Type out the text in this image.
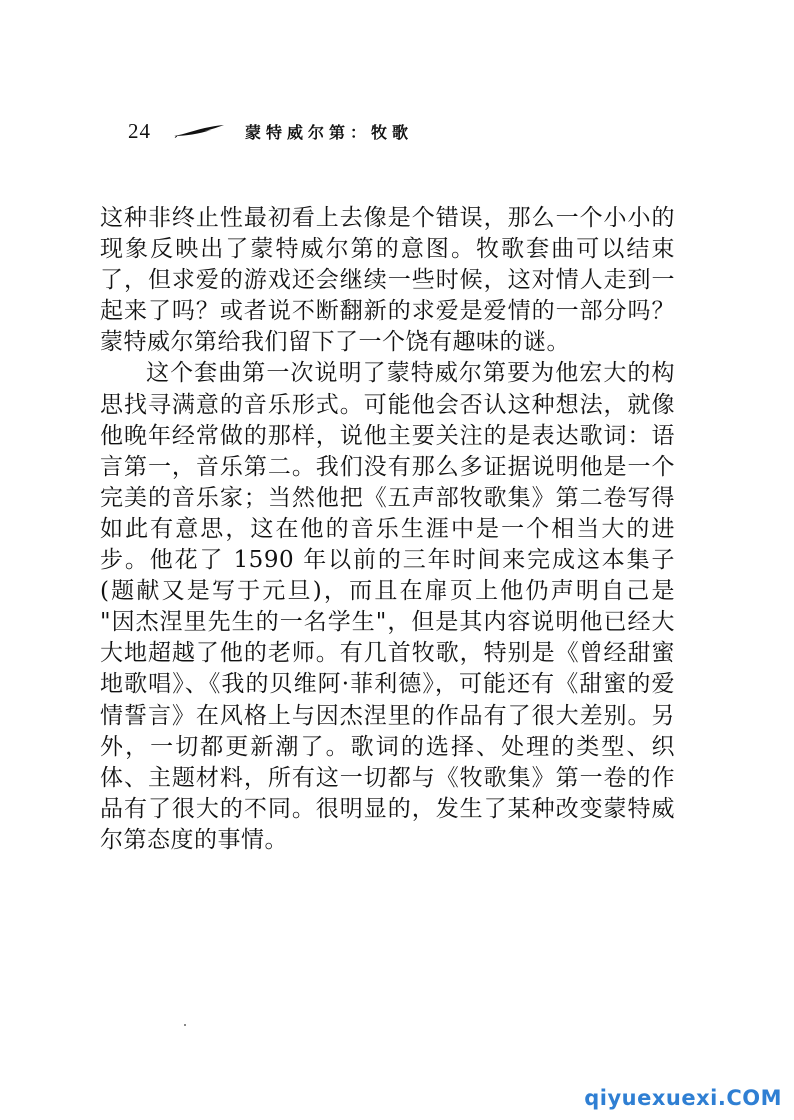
24	蒙特威尔第：牧歌
这种非终止性最初看上去像是个错误，那么一个小小的
现象反映出了蒙特威尔第的意图。牧歌套曲可以结束
了，但求爱的游戏还会继续一些时候，这对情人走到一
起来了吗？或者说不断翻新的求爱是爱情的一部分吗？
蒙特威尔第给我们留下了一个饶有趣味的谜。
这个套曲第一次说明了蒙特威尔第要为他宏大的构
思找寻满意的音乐形式。可能他会否认这种想法，就像
他晚年经常做的那样，说他主要关注的是表达歌词：语
言第一，音乐第二。我们没有那么多证据说明他是一个
完美的音乐家；当然他把《五声部牧歌集》第二卷写得
如此有意思，这在他的音乐生涯中是一个相当大的进
步。他花了 1590 年以前的三年时间来完成这本集子
(题献又是写于元旦)，而且在扉页上他仍声明自己是
"因杰涅里先生的一名学生"，但是其内容说明他已经大
大地超越了他的老师。有几首牧歌，特别是《曾经甜蜜
地歌唱》、《我的贝维阿·菲利德》，可能还有《甜蜜的爱
情誓言》在风格上与因杰涅里的作品有了很大差别。另
外，一切都更新潮了。歌词的选择、处理的类型、织
体、主题材料，所有这一切都与《牧歌集》第一卷的作
品有了很大的不同。很明显的，发生了某种改变蒙特威
尔第态度的事情。
qiyuexuexi.COM
